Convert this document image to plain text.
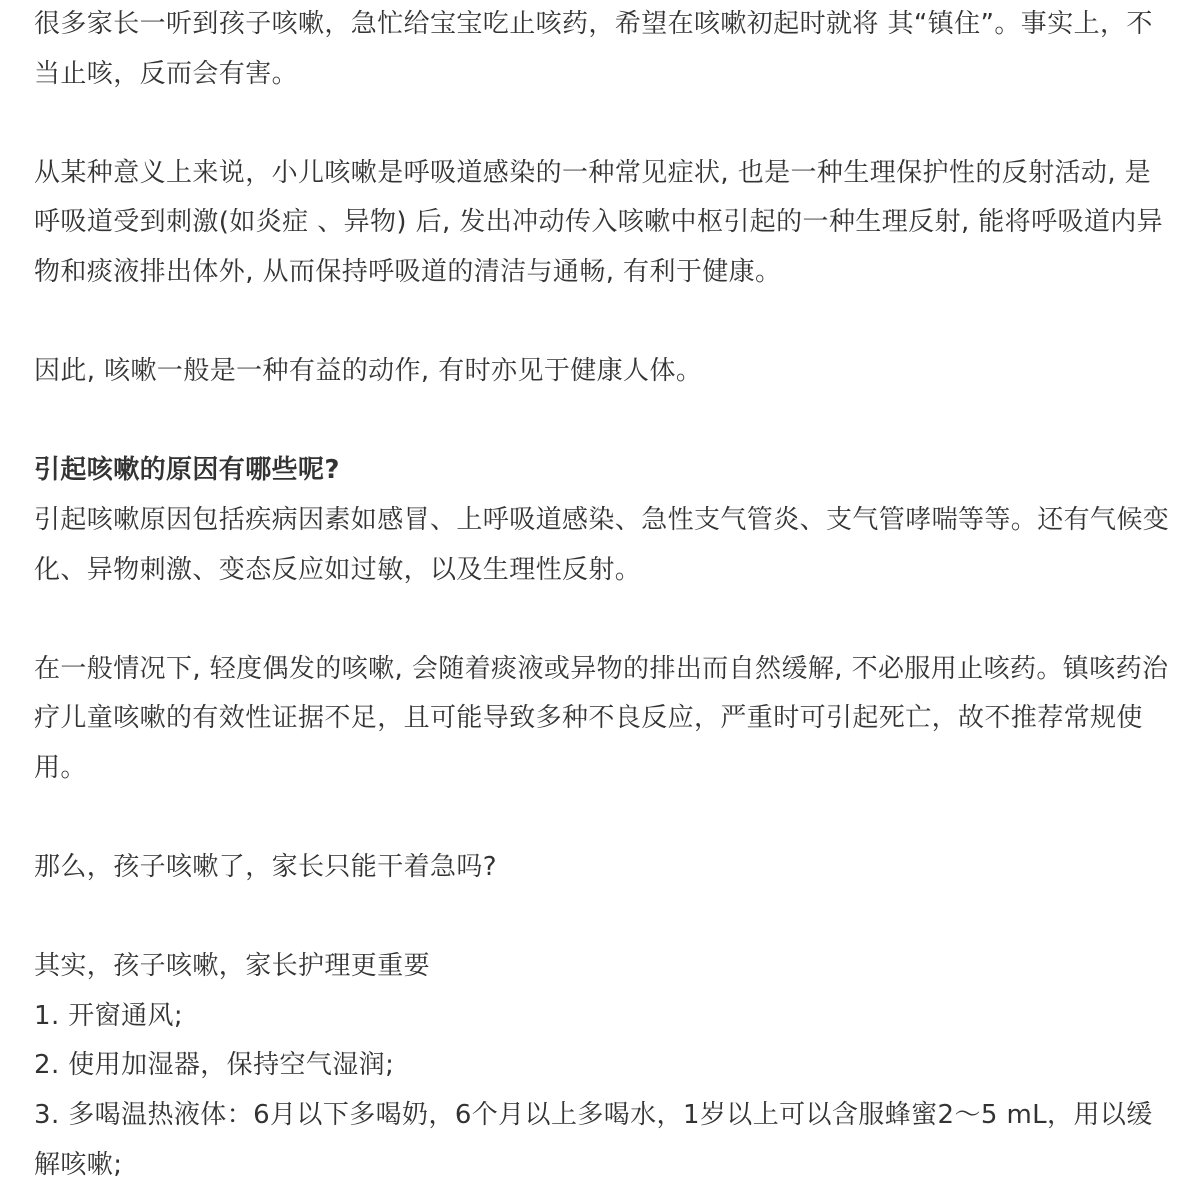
很多家长一听到孩子咳嗽，急忙给宝宝吃止咳药，希望在咳嗽初起时就将 其“镇住”。事实上，不当止咳，反而会有害。

从某种意义上来说，小儿咳嗽是呼吸道感染的一种常见症状, 也是一种生理保护性的反射活动, 是呼吸道受到刺激(如炎症 、异物) 后, 发出冲动传入咳嗽中枢引起的一种生理反射, 能将呼吸道内异物和痰液排出体外, 从而保持呼吸道的清洁与通畅, 有利于健康。

因此, 咳嗽一般是一种有益的动作, 有时亦见于健康人体。

引起咳嗽的原因有哪些呢?

引起咳嗽原因包括疾病因素如感冒、上呼吸道感染、急性支气管炎、支气管哮喘等等。还有气候变化、异物刺激、变态反应如过敏，以及生理性反射。

在一般情况下, 轻度偶发的咳嗽, 会随着痰液或异物的排出而自然缓解, 不必服用止咳药。镇咳药治疗儿童咳嗽的有效性证据不足，且可能导致多种不良反应，严重时可引起死亡，故不推荐常规使用。

那么，孩子咳嗽了，家长只能干着急吗?

其实，孩子咳嗽，家长护理更重要

1. 开窗通风;

2. 使用加湿器，保持空气湿润;

3. 多喝温热液体：6月以下多喝奶，6个月以上多喝水，1岁以上可以含服蜂蜜2～5 mL，用以缓解咳嗽;
